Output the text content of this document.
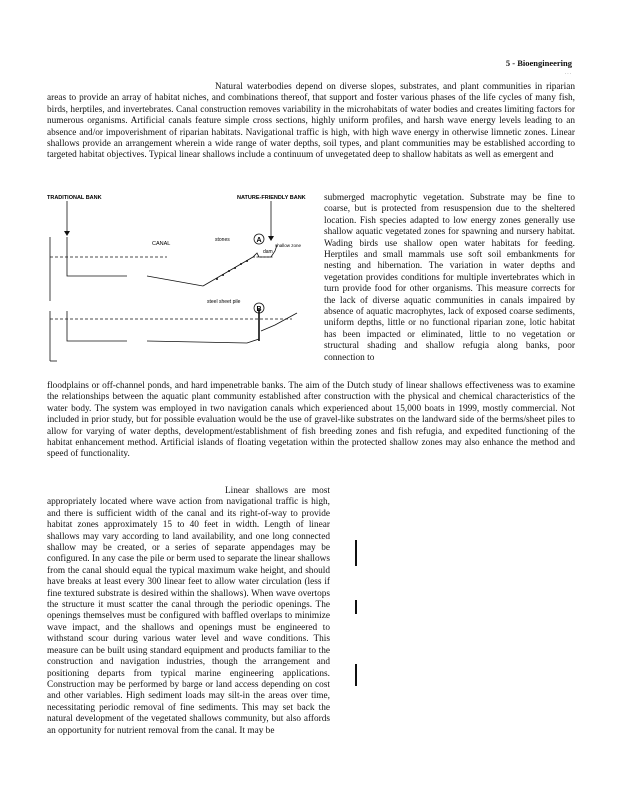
5 - Bioengineering
...

Natural waterbodies depend on diverse slopes, substrates, and plant communities in riparian areas to provide an array of habitat niches, and combinations thereof, that support and foster various phases of the life cycles of many fish, birds, herptiles, and invertebrates. Canal construction removes variability in the microhabitats of water bodies and creates limiting factors for numerous organisms. Artificial canals feature simple cross sections, highly uniform profiles, and harsh wave energy levels leading to an absence and/or impoverishment of riparian habitats. Navigational traffic is high, with high wave energy in otherwise limnetic zones. Linear shallows provide an arrangement wherein a wide range of water depths, soil types, and plant communities may be established according to targeted habitat objectives. Typical linear shallows include a continuum of unvegetated deep to shallow habitats as well as emergent and

TRADITIONAL BANK	NATURE-FRIENDLY BANK
dam
stones
CANAL	shallow zone
A
steel sheet pile
B

submerged macrophytic vegetation. Substrate may be fine to coarse, but is protected from resuspension due to the sheltered location. Fish species adapted to low energy zones generally use shallow aquatic vegetated zones for spawning and nursery habitat. Wading birds use shallow open water habitats for feeding. Herptiles and small mammals use soft soil embankments for nesting and hibernation. The variation in water depths and vegetation provides conditions for multiple invertebrates which in turn provide food for other organisms. This measure corrects for the lack of diverse aquatic communities in canals impaired by absence of aquatic macrophytes, lack of exposed coarse sediments, uniform depths, little or no functional riparian zone, lotic habitat has been impacted or eliminated, little to no vegetation or structural shading and shallow refugia along banks, poor connection to

floodplains or off-channel ponds, and hard impenetrable banks. The aim of the Dutch study of linear shallows effectiveness was to examine the relationships between the aquatic plant community established after construction with the physical and chemical characteristics of the water body. The system was employed in two navigation canals which experienced about 15,000 boats in 1999, mostly commercial. Not included in prior study, but for possible evaluation would be the use of gravel-like substrates on the landward side of the berms/sheet piles to allow for varying of water depths, development/establishment of fish breeding zones and fish refugia, and expedited functioning of the habitat enhancement method. Artificial islands of floating vegetation within the protected shallow zones may also enhance the method and speed of functionality.

Linear shallows are most appropriately located where wave action from navigational traffic is high, and there is sufficient width of the canal and its right-of-way to provide habitat zones approximately 15 to 40 feet in width. Length of linear shallows may vary according to land availability, and one long connected shallow may be created, or a series of separate appendages may be configured. In any case the pile or berm used to separate the linear shallows from the canal should equal the typical maximum wake height, and should have breaks at least every 300 linear feet to allow water circulation (less if fine textured substrate is desired within the shallows). When wave overtops the structure it must scatter the canal through the periodic openings. The openings themselves must be configured with baffled overlaps to minimize wave impact, and the shallows and openings must be engineered to withstand scour during various water level and wave conditions. This measure can be built using standard equipment and products familiar to the construction and navigation industries, though the arrangement and positioning departs from typical marine engineering applications. Construction may be performed by barge or land access depending on cost and other variables. High sediment loads may silt-in the areas over time, necessitating periodic removal of fine sediments. This may set back the natural development of the vegetated shallows community, but also affords an opportunity for nutrient removal from the canal. It may be
